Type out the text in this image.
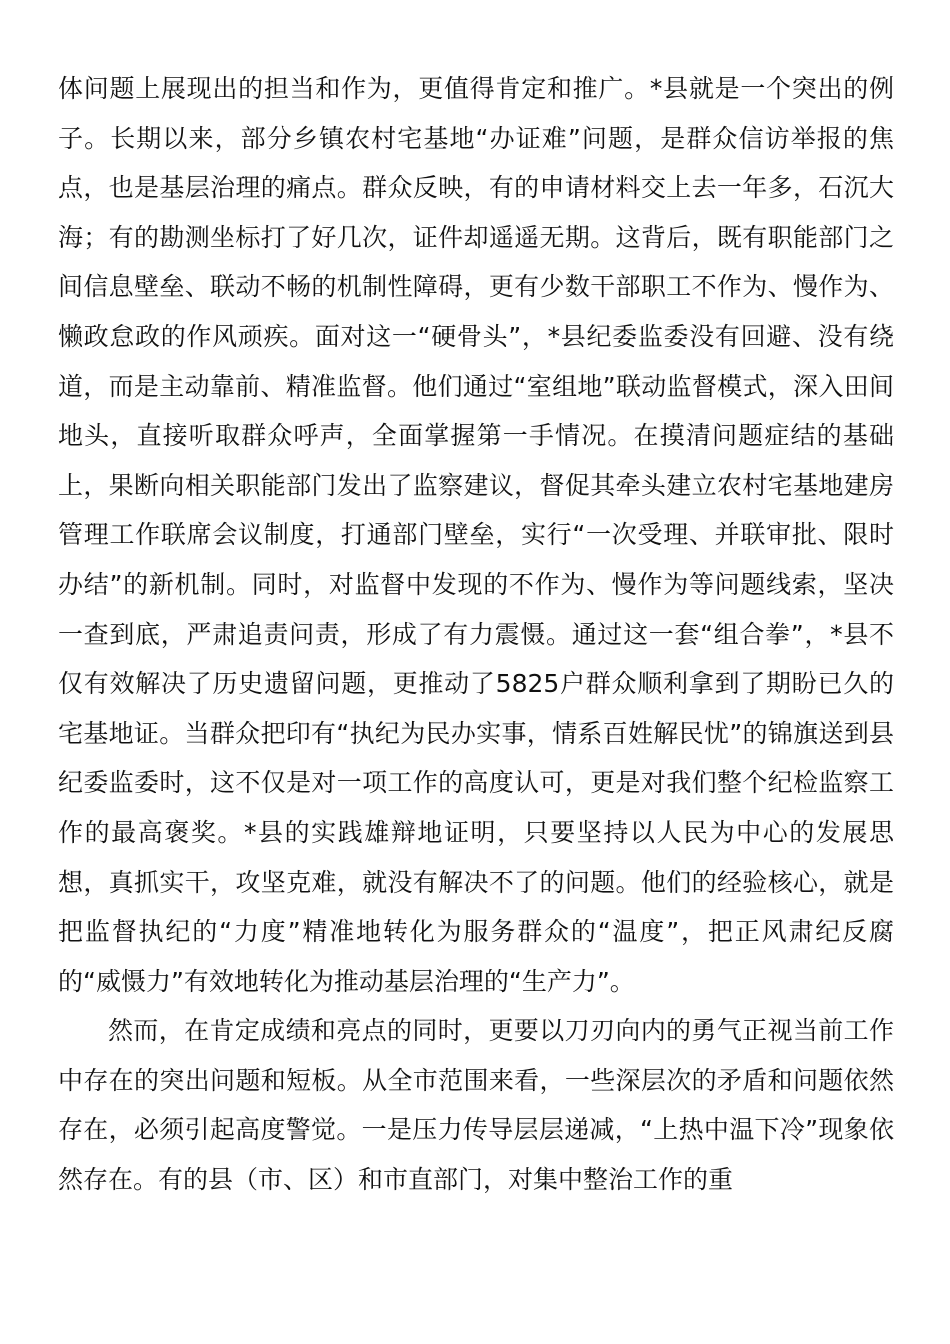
体问题上展现出的担当和作为，更值得肯定和推广。*县就是一个突出的例子。长期以来，部分乡镇农村宅基地“办证难”问题，是群众信访举报的焦点，也是基层治理的痛点。群众反映，有的申请材料交上去一年多，石沉大海；有的勘测坐标打了好几次，证件却遥遥无期。这背后，既有职能部门之间信息壁垒、联动不畅的机制性障碍，更有少数干部职工不作为、慢作为、懒政怠政的作风顽疾。面对这一“硬骨头”，*县纪委监委没有回避、没有绕道，而是主动靠前、精准监督。他们通过“室组地”联动监督模式，深入田间地头，直接听取群众呼声，全面掌握第一手情况。在摸清问题症结的基础上，果断向相关职能部门发出了监察建议，督促其牵头建立农村宅基地建房管理工作联席会议制度，打通部门壁垒，实行“一次受理、并联审批、限时办结”的新机制。同时，对监督中发现的不作为、慢作为等问题线索，坚决一查到底，严肃追责问责，形成了有力震慑。通过这一套“组合拳”，*县不仅有效解决了历史遗留问题，更推动了5825户群众顺利拿到了期盼已久的宅基地证。当群众把印有“执纪为民办实事，情系百姓解民忧”的锦旗送到县纪委监委时，这不仅是对一项工作的高度认可，更是对我们整个纪检监察工作的最高褒奖。*县的实践雄辩地证明，只要坚持以人民为中心的发展思想，真抓实干，攻坚克难，就没有解决不了的问题。他们的经验核心，就是把监督执纪的“力度”精准地转化为服务群众的“温度”，把正风肃纪反腐的“威慑力”有效地转化为推动基层治理的“生产力”。

然而，在肯定成绩和亮点的同时，更要以刀刃向内的勇气正视当前工作中存在的突出问题和短板。从全市范围来看，一些深层次的矛盾和问题依然存在，必须引起高度警觉。一是压力传导层层递减，“上热中温下冷”现象依然存在。有的县（市、区）和市直部门，对集中整治工作的重
